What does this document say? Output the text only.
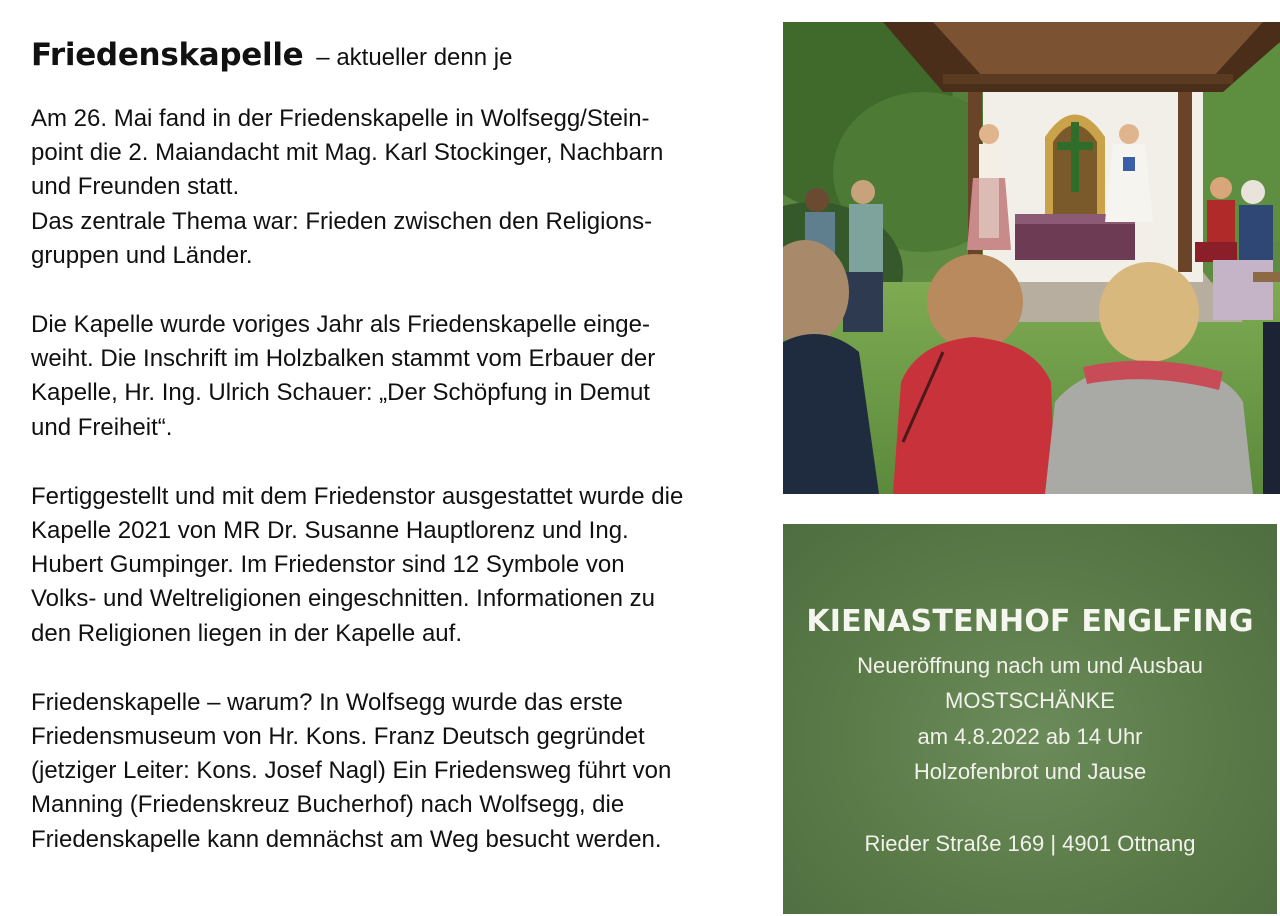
Friedenskapelle – aktueller denn je

Am 26. Mai fand in der Friedenskapelle in Wolfsegg/Stein-
point die 2. Maiandacht mit Mag. Karl Stockinger, Nachbarn
und Freunden statt.
Das zentrale Thema war: Frieden zwischen den Religions-
gruppen und Länder.

Die Kapelle wurde voriges Jahr als Friedenskapelle einge-
weiht. Die Inschrift im Holzbalken stammt vom Erbauer der
Kapelle, Hr. Ing. Ulrich Schauer: „Der Schöpfung in Demut
und Freiheit“.

Fertiggestellt und mit dem Friedenstor ausgestattet wurde die
Kapelle 2021 von MR Dr. Susanne Hauptlorenz und Ing.
Hubert Gumpinger. Im Friedenstor sind 12 Symbole von
Volks- und Weltreligionen eingeschnitten. Informationen zu
den Religionen liegen in der Kapelle auf.

Friedenskapelle – warum? In Wolfsegg wurde das erste
Friedensmuseum von Hr. Kons. Franz Deutsch gegründet
(jetziger Leiter: Kons. Josef Nagl) Ein Friedensweg führt von
Manning (Friedenskreuz Bucherhof) nach Wolfsegg, die
Friedenskapelle kann demnächst am Weg besucht werden.

KIENASTENHOF ENGLFING
Neueröffnung nach um und Ausbau
MOSTSCHÄNKE
am 4.8.2022 ab 14 Uhr
Holzofenbrot und Jause
Rieder Straße 169 | 4901 Ottnang
